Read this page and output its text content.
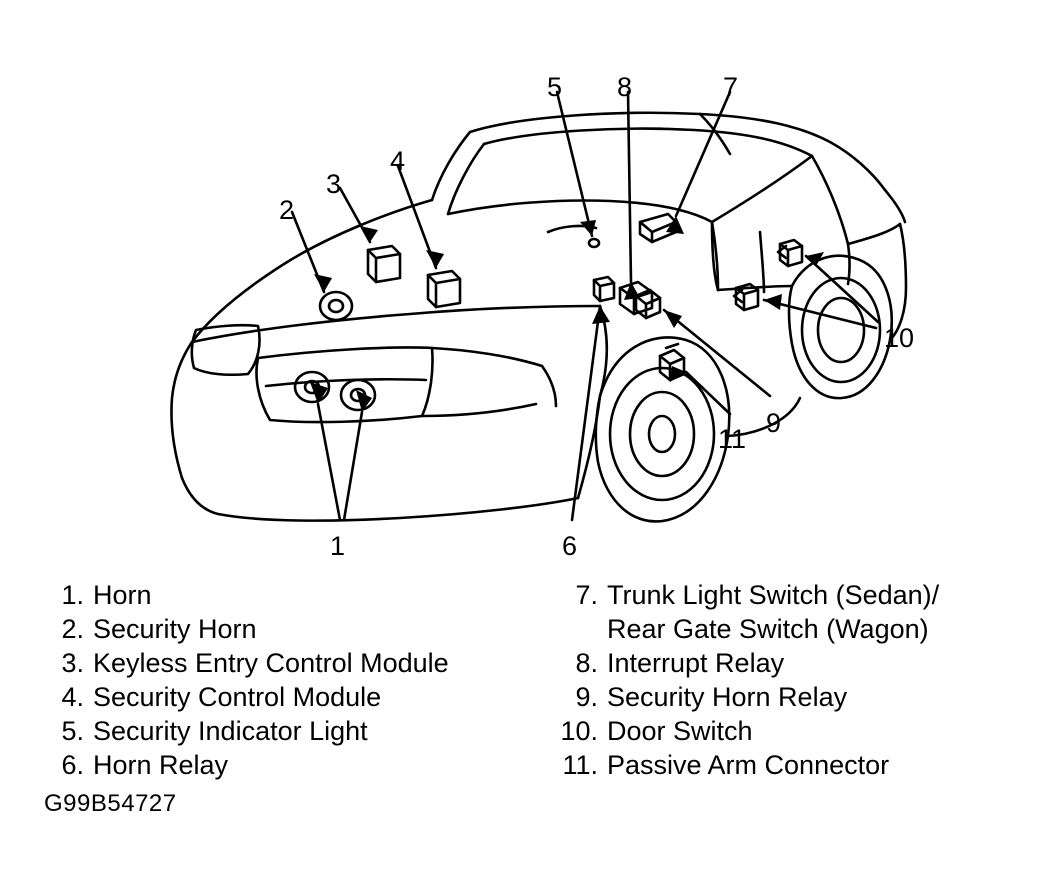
1
2
3
4
5
6
7
8
9
10
11
1. Horn
2. Security Horn
3. Keyless Entry Control Module
4. Security Control Module
5. Security Indicator Light
6. Horn Relay
7. Trunk Light Switch (Sedan)/
Rear Gate Switch (Wagon)
8. Interrupt Relay
9. Security Horn Relay
10. Door Switch
11. Passive Arm Connector
G99B54727
